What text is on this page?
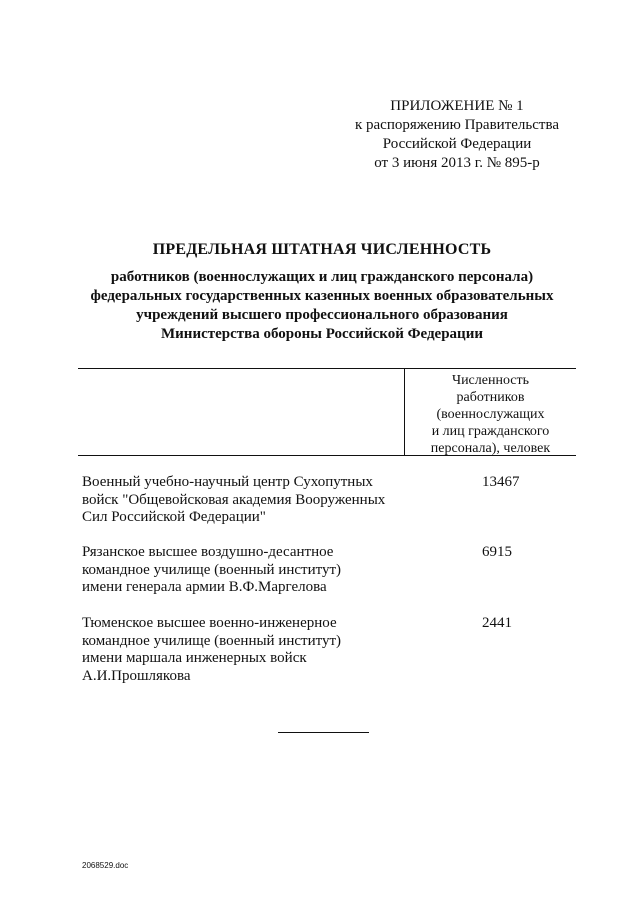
ПРИЛОЖЕНИЕ № 1
к распоряжению Правительства
Российской Федерации
от 3 июня 2013 г. № 895-р
ПРЕДЕЛЬНАЯ ШТАТНАЯ ЧИСЛЕННОСТЬ
работников (военнослужащих и лиц гражданского персонала)
федеральных государственных казенных военных образовательных
учреждений высшего профессионального образования
Министерства обороны Российской Федерации
Численность
работников
(военнослужащих
и лиц гражданского
персонала), человек
Военный учебно-научный центр Сухопутных
войск "Общевойсковая академия Вооруженных
Сил Российской Федерации"
13467
Рязанское высшее воздушно-десантное
командное училище (военный институт)
имени генерала армии В.Ф.Маргелова
6915
Тюменское высшее военно-инженерное
командное училище (военный институт)
имени маршала инженерных войск
А.И.Прошлякова
2441
2068529.doc
